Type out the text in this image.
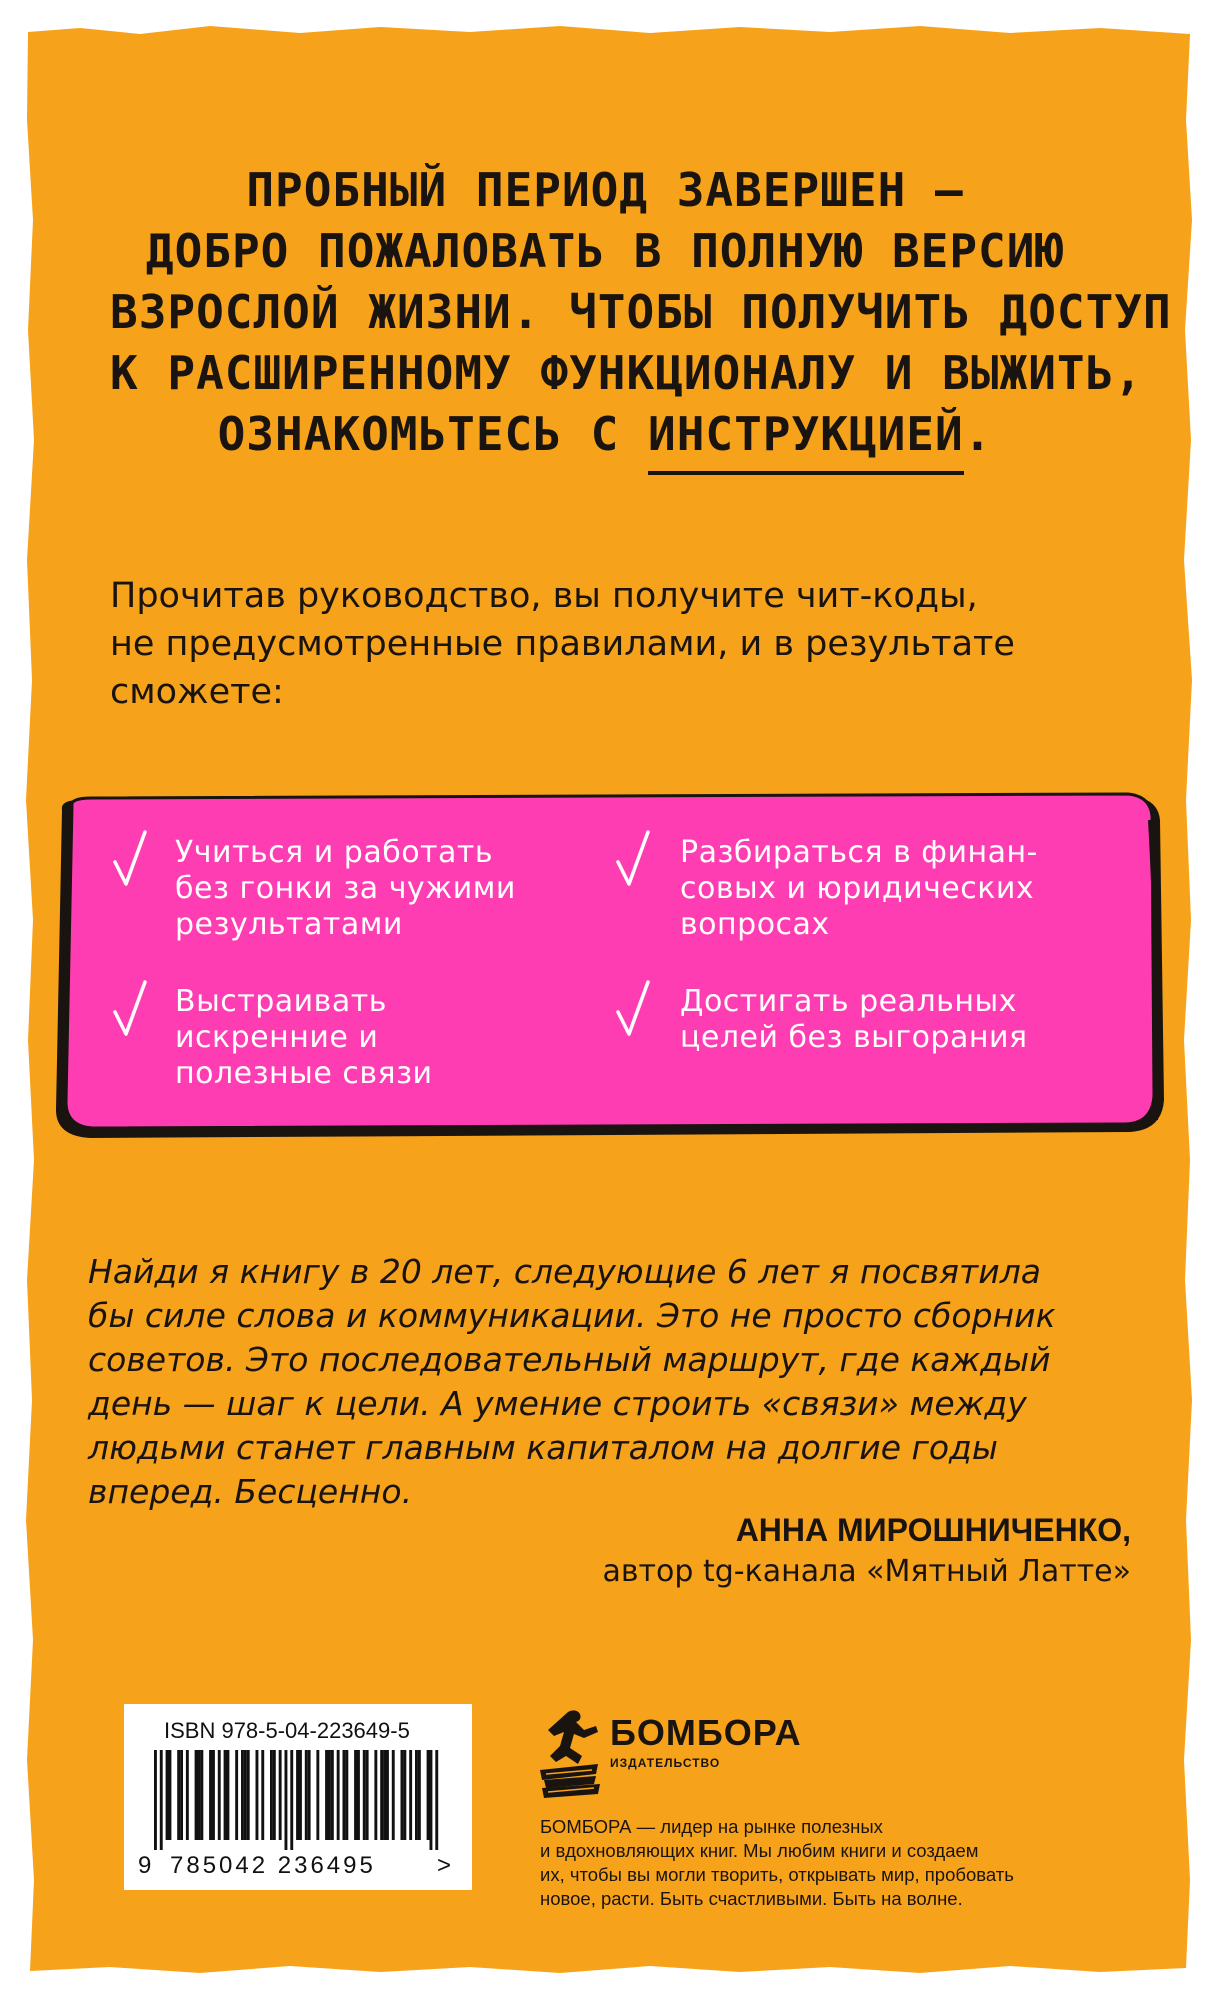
ПРОБНЫЙ ПЕРИОД ЗАВЕРШЕН –
ДОБРО ПОЖАЛОВАТЬ В ПОЛНУЮ ВЕРСИЮ
ВЗРОСЛОЙ ЖИЗНИ. ЧТОБЫ ПОЛУЧИТЬ ДОСТУП
К РАСШИРЕННОМУ ФУНКЦИОНАЛУ И ВЫЖИТЬ,
ОЗНАКОМЬТЕСЬ С ИНСТРУКЦИЕЙ.
Прочитав руководство, вы получите чит-коды,
не предусмотренные правилами, и в результате
сможете:
Учиться и работать
без гонки за чужими
результатами
Разбираться в финан-
совых и юридических
вопросах
Выстраивать
искренние и
полезные связи
Достигать реальных
целей без выгорания
Найди я книгу в 20 лет, следующие 6 лет я посвятила
бы силе слова и коммуникации. Это не просто сборник
советов. Это последовательный маршрут, где каждый
день — шаг к цели. А умение строить «связи» между
людьми станет главным капиталом на долгие годы
вперед. Бесценно.
АННА МИРОШНИЧЕНКО,
автор tg-канала «Мятный Латте»
ISBN 978-5-04-223649-5
9 785042 236495	>
БОМБОРА
ИЗДАТЕЛЬСТВО
БОМБОРА — лидер на рынке полезных
и вдохновляющих книг. Мы любим книги и создаем
их, чтобы вы могли творить, открывать мир, пробовать
новое, расти. Быть счастливыми. Быть на волне.
